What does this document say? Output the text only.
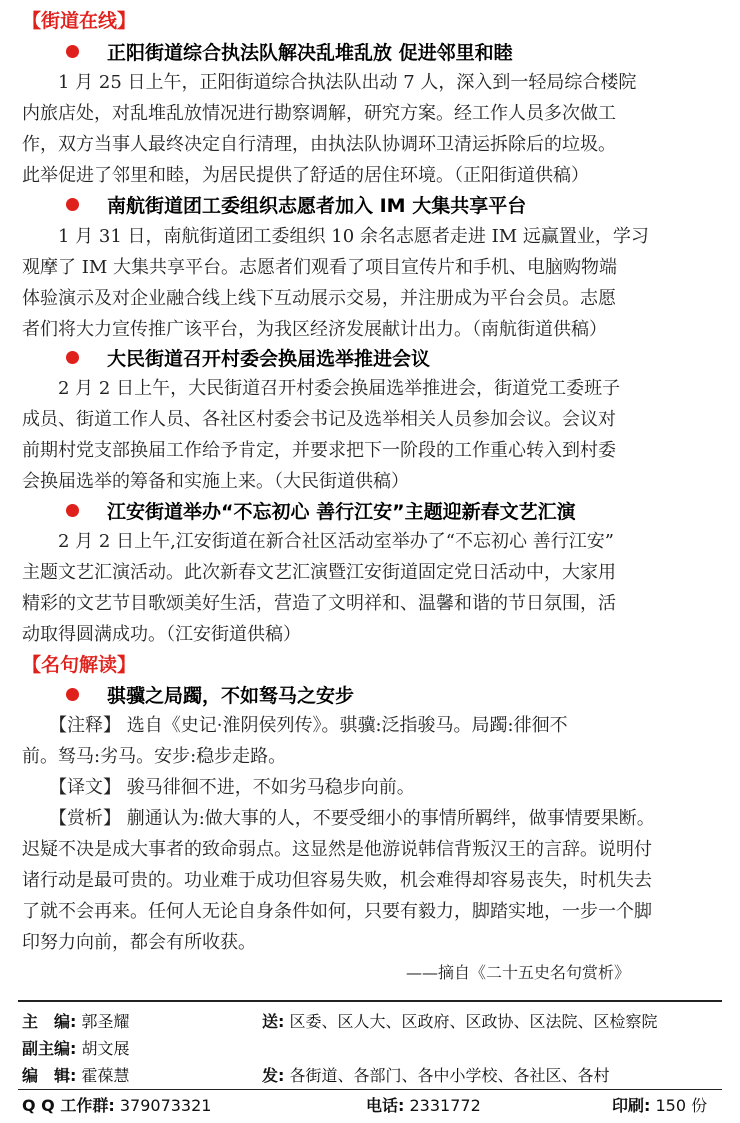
【街道在线】
正阳街道综合执法队解决乱堆乱放 促进邻里和睦
　　1 月 25 日上午，正阳街道综合执法队出动 7 人，深入到一轻局综合楼院
内旅店处，对乱堆乱放情况进行勘察调解，研究方案。经工作人员多次做工
作，双方当事人最终决定自行清理，由执法队协调环卫清运拆除后的垃圾。
此举促进了邻里和睦，为居民提供了舒适的居住环境。（正阳街道供稿）
南航街道团工委组织志愿者加入 IM 大集共享平台
　　1 月 31 日，南航街道团工委组织 10 余名志愿者走进 IM 远赢置业，学习
观摩了 IM 大集共享平台。志愿者们观看了项目宣传片和手机、电脑购物端
体验演示及对企业融合线上线下互动展示交易，并注册成为平台会员。志愿
者们将大力宣传推广该平台，为我区经济发展献计出力。（南航街道供稿）
大民街道召开村委会换届选举推进会议
　　2 月 2 日上午，大民街道召开村委会换届选举推进会，街道党工委班子
成员、街道工作人员、各社区村委会书记及选举相关人员参加会议。会议对
前期村党支部换届工作给予肯定，并要求把下一阶段的工作重心转入到村委
会换届选举的筹备和实施上来。（大民街道供稿）
江安街道举办“不忘初心 善行江安”主题迎新春文艺汇演
　　2 月 2 日上午,江安街道在新合社区活动室举办了“不忘初心 善行江安”
主题文艺汇演活动。此次新春文艺汇演暨江安街道固定党日活动中，大家用
精彩的文艺节目歌颂美好生活，营造了文明祥和、温馨和谐的节日氛围，活
动取得圆满成功。（江安街道供稿）
【名句解读】
骐骥之局躅，不如驽马之安步
　　【注释】 选自《史记·淮阴侯列传》。骐骥:泛指骏马。局躅:徘徊不
前。驽马:劣马。安步:稳步走路。
　　【译文】 骏马徘徊不进，不如劣马稳步向前。
　　【赏析】 蒯通认为:做大事的人，不要受细小的事情所羁绊，做事情要果断。
迟疑不决是成大事者的致命弱点。这显然是他游说韩信背叛汉王的言辞。说明付
诸行动是最可贵的。功业难于成功但容易失败，机会难得却容易丧失，时机失去
了就不会再来。任何人无论自身条件如何，只要有毅力，脚踏实地，一步一个脚
印努力向前，都会有所收获。
——摘自《二十五史名句赏析》
主　编: 郭圣耀	送: 区委、区人大、区政府、区政协、区法院、区检察院
副主编: 胡文展
编　辑: 霍葆慧	发: 各街道、各部门、各中小学校、各社区、各村
Q Q 工作群: 379073321	电话: 2331772	印刷: 150 份
